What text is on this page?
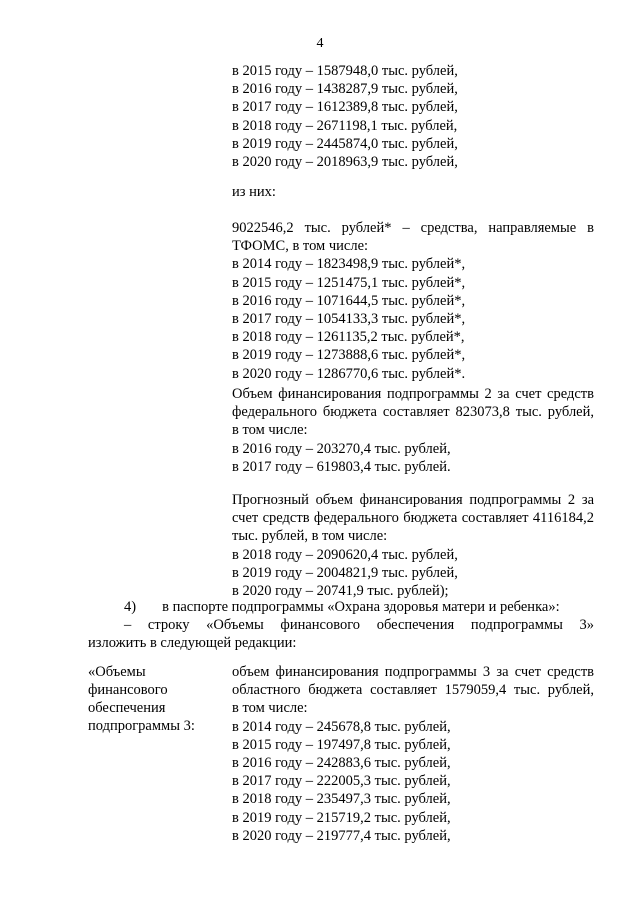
4
в 2015 году – 1587948,0 тыс. рублей,
в 2016 году – 1438287,9 тыс. рублей,
в 2017 году – 1612389,8 тыс. рублей,
в 2018 году – 2671198,1 тыс. рублей,
в 2019 году – 2445874,0 тыс. рублей,
в 2020 году – 2018963,9 тыс. рублей,
из них:
9022546,2 тыс. рублей* – средства, направляемые в
ТФОМС, в том числе:
в 2014 году – 1823498,9 тыс. рублей*,
в 2015 году – 1251475,1 тыс. рублей*,
в 2016 году – 1071644,5 тыс. рублей*,
в 2017 году – 1054133,3 тыс. рублей*,
в 2018 году – 1261135,2 тыс. рублей*,
в 2019 году – 1273888,6 тыс. рублей*,
в 2020 году – 1286770,6 тыс. рублей*.
Объем финансирования подпрограммы 2 за счет средств
федерального бюджета составляет 823073,8 тыс. рублей,
в том числе:
в 2016 году – 203270,4 тыс. рублей,
в 2017 году – 619803,4 тыс. рублей.
Прогнозный объем финансирования подпрограммы 2 за
счет средств федерального бюджета составляет 4116184,2
тыс. рублей, в том числе:
в 2018 году – 2090620,4 тыс. рублей,
в 2019 году – 2004821,9 тыс. рублей,
в 2020 году – 20741,9 тыс. рублей);
4) в паспорте подпрограммы «Охрана здоровья матери и ребенка»:
– строку «Объемы финансового обеспечения подпрограммы 3»
изложить в следующей редакции:
«Объемы
финансового
обеспечения
подпрограммы 3:
объем финансирования подпрограммы 3 за счет средств
областного бюджета составляет 1579059,4 тыс. рублей,
в том числе:
в 2014 году – 245678,8 тыс. рублей,
в 2015 году – 197497,8 тыс. рублей,
в 2016 году – 242883,6 тыс. рублей,
в 2017 году – 222005,3 тыс. рублей,
в 2018 году – 235497,3 тыс. рублей,
в 2019 году – 215719,2 тыс. рублей,
в 2020 году – 219777,4 тыс. рублей,
